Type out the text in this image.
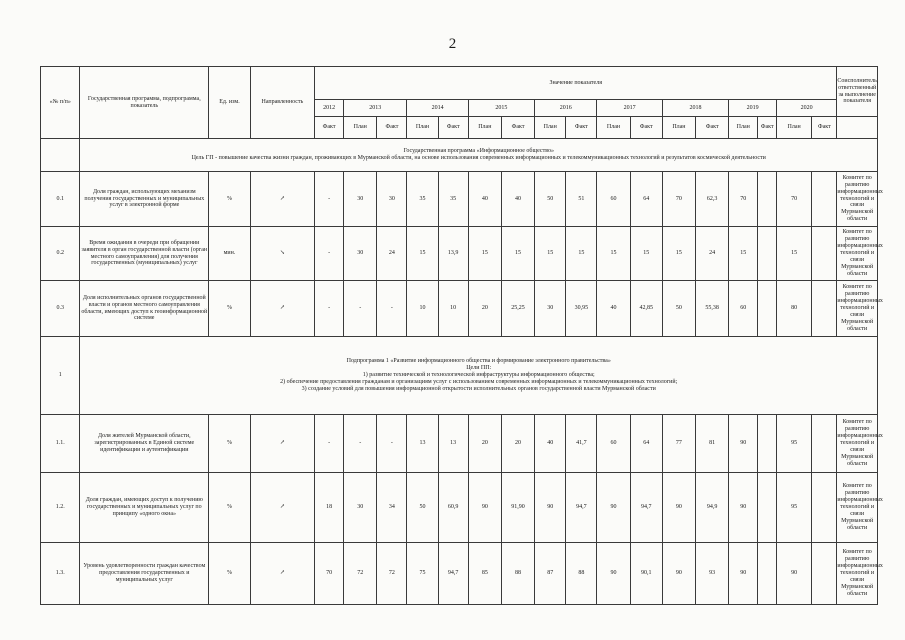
2
«№ п/п»	Государственная программа, подпрограмма, показатель	Ед. изм.	Направленность	Значение показателя																	Соисполнитель, ответственный за выполнение показателя
				2012	2013		2014		2015		2016		2017		2018		2019		2020		
				Факт	План	Факт	План	Факт	План	Факт	План	Факт	План	Факт	План	Факт	План	Факт	План	Факт	

	Государственная программа «Информационное общество»
Цель ГП - повышение качества жизни граждан, проживающих в Мурманской области, на основе использования современных информационных и телекоммуникационных технологий и результатов космической деятельности																				

0.1	Доля граждан, использующих механизм получения государственных и муниципальных услуг в электронной форме	%	↗	-	30	30	35	35	40	40	50	51	60	64	70	62,3	70		70		Комитет по развитию информационных технологий и связи Мурманской области
0.2	Время ожидания в очереди при обращении заявителя в орган государственной власти (орган местного самоуправления) для получения государственных (муниципальных) услуг	мин.	↘	-	30	24	15	13,9	15	15	15	15	15	15	15	24	15		15		Комитет по развитию информационных технологий и связи Мурманской области
0.3	Доля исполнительных органов государственной власти и органов местного самоуправления области, имеющих доступ к геоинформационной системе	%	↗	-	-	-	10	10	20	25,25	30	30,95	40	42,85	50	55,38	60		80		Комитет по развитию информационных технологий и связи Мурманской области
1	Подпрограмма 1 «Развитие информационного общества и формирование электронного правительства»
Цели ПП:
1) развитие технической и технологической инфраструктуры информационного общества;
2) обеспечение предоставления гражданам и организациям услуг с использованием современных информационных и телекоммуникационных технологий;
3) создание условий для повышения информационной открытости исполнительных органов государственной власти Мурманской области																				

1.1.	Доля жителей Мурманской области, зарегистрированных в Единой системе идентификации и аутентификации	%	↗	-	-	-	13	13	20	20	40	41,7	60	64	77	81	90		95		Комитет по развитию информационных технологий и связи Мурманской области
1.2.	Доля граждан, имеющих доступ к получению государственных и муниципальных услуг по принципу «одного окна»	%	↗	18	30	34	50	60,9	90	91,90	90	94,7	90	94,7	90	94,9	90		95		Комитет по развитию информационных технологий и связи Мурманской области
1.3.	Уровень удовлетворенности граждан качеством предоставления государственных и муниципальных услуг	%	↗	70	72	72	75	94,7	85	88	87	88	90	90,1	90	93	90		90		Комитет по развитию информационных технологий и связи Мурманской области
